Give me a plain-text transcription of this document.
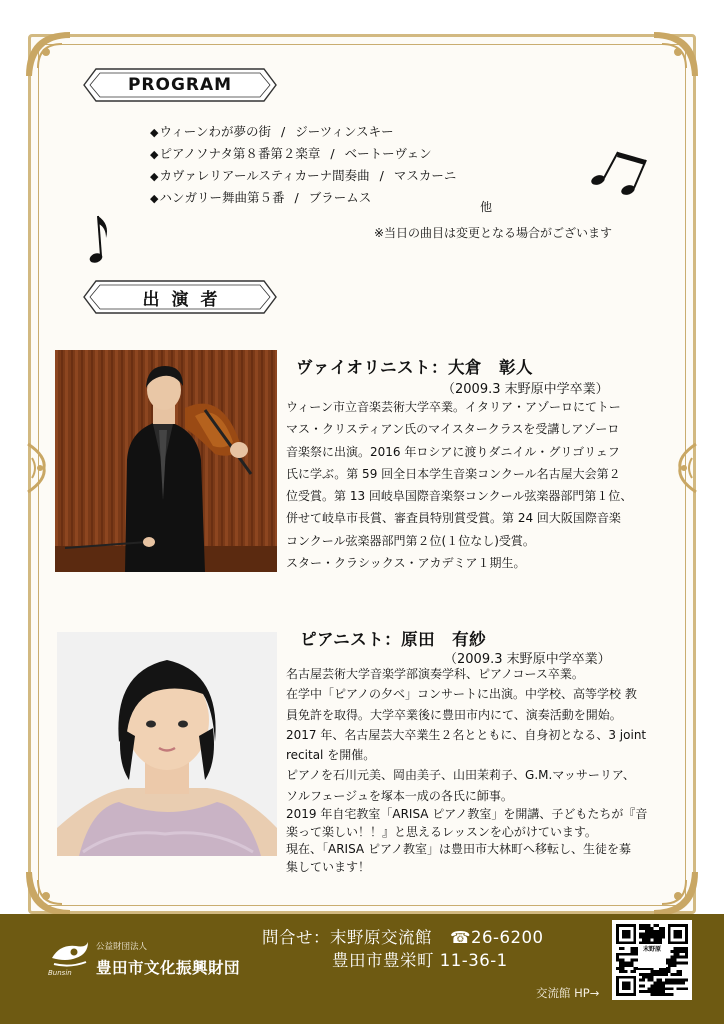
PROGRAM
◆ウィーンわが夢の街 / ジーツィンスキー
◆ピアノソナタ第８番第２楽章 / ベートーヴェン
◆カヴァレリアールスティカーナ間奏曲 / マスカーニ
◆ハンガリー舞曲第５番 / ブラームス
他
※当日の曲目は変更となる場合がございます
出演者
ヴァイオリニスト：大倉　彰人
（2009.3 末野原中学卒業）

ウィーン市立音楽芸術大学卒業。イタリア・アゾーロにてトー

マス・クリスティアン氏のマイスタークラスを受講しアゾーロ

音楽祭に出演。2016 年ロシアに渡りダニイル・グリゴリェフ

氏に学ぶ。第 59 回全日本学生音楽コンクール名古屋大会第２

位受賞。第 13 回岐阜国際音楽祭コンクール弦楽器部門第１位、

併せて岐阜市長賞、審査員特別賞受賞。第 24 回大阪国際音楽

コンクール弦楽器部門第２位(１位なし)受賞。

スター・クラシックス・アカデミア１期生。

ピアニスト：原田　有紗
（2009.3 末野原中学卒業）

名古屋芸術大学音楽学部演奏学科、ピアノコース卒業。

在学中「ピアノの夕べ」コンサートに出演。中学校、高等学校 教

員免許を取得。大学卒業後に豊田市内にて、演奏活動を開始。

2017 年、名古屋芸大卒業生２名とともに、自身初となる、3 joint

recital を開催。

ピアノを石川元美、岡由美子、山田茉莉子、G.M.マッサーリア、

ソルフェージュを塚本一成の各氏に師事。

2019 年自宅教室「ARISA ピアノ教室」を開講、子どもたちが『音

楽って楽しい！！』と思えるレッスンを心がけています。

現在、「ARISA ピアノ教室」は豊田市大林町へ移転し、生徒を募

集しています！

Bunsin
公益財団法人
豊田市文化振興財団
問合せ：末野原交流館 ☎26-6200
豊田市豊栄町 11-36-1
交流館 HP→
末野原
